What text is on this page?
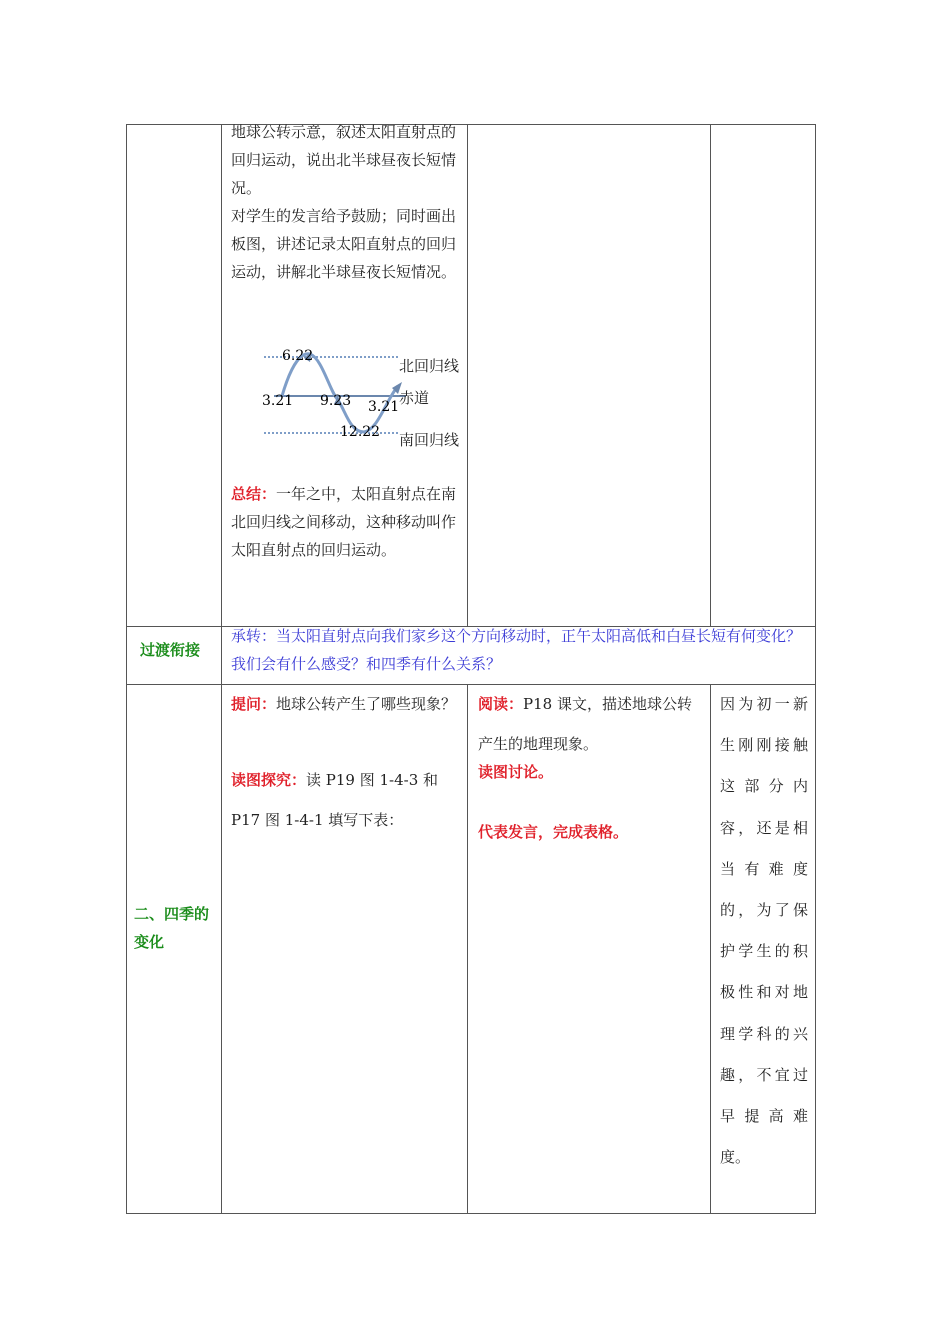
地球公转示意，叙述太阳直射点的回归运动，说出北半球昼夜长短情况。
对学生的发言给予鼓励；同时画出板图，讲述记录太阳直射点的回归运动，讲解北半球昼夜长短情况。
6.22
3.21 9.23 3.21
12.22
北回归线
赤道
南回归线
总结：一年之中，太阳直射点在南北回归线之间移动，这种移动叫作太阳直射点的回归运动。
过渡衔接
承转：当太阳直射点向我们家乡这个方向移动时，正午太阳高低和白昼长短有何变化？我们会有什么感受？和四季有什么关系？
二、四季的变化
提问：地球公转产生了哪些现象？
读图探究：读 P19 图 1-4-3 和 P17 图 1-4-1 填写下表：
阅读：P18 课文，描述地球公转产生的地理现象。
读图讨论。
代表发言，完成表格。
因为初一新生刚刚接触这部分内容，还是相当有难度的，为了保护学生的积极性和对地理学科的兴趣，不宜过早提高难度。
